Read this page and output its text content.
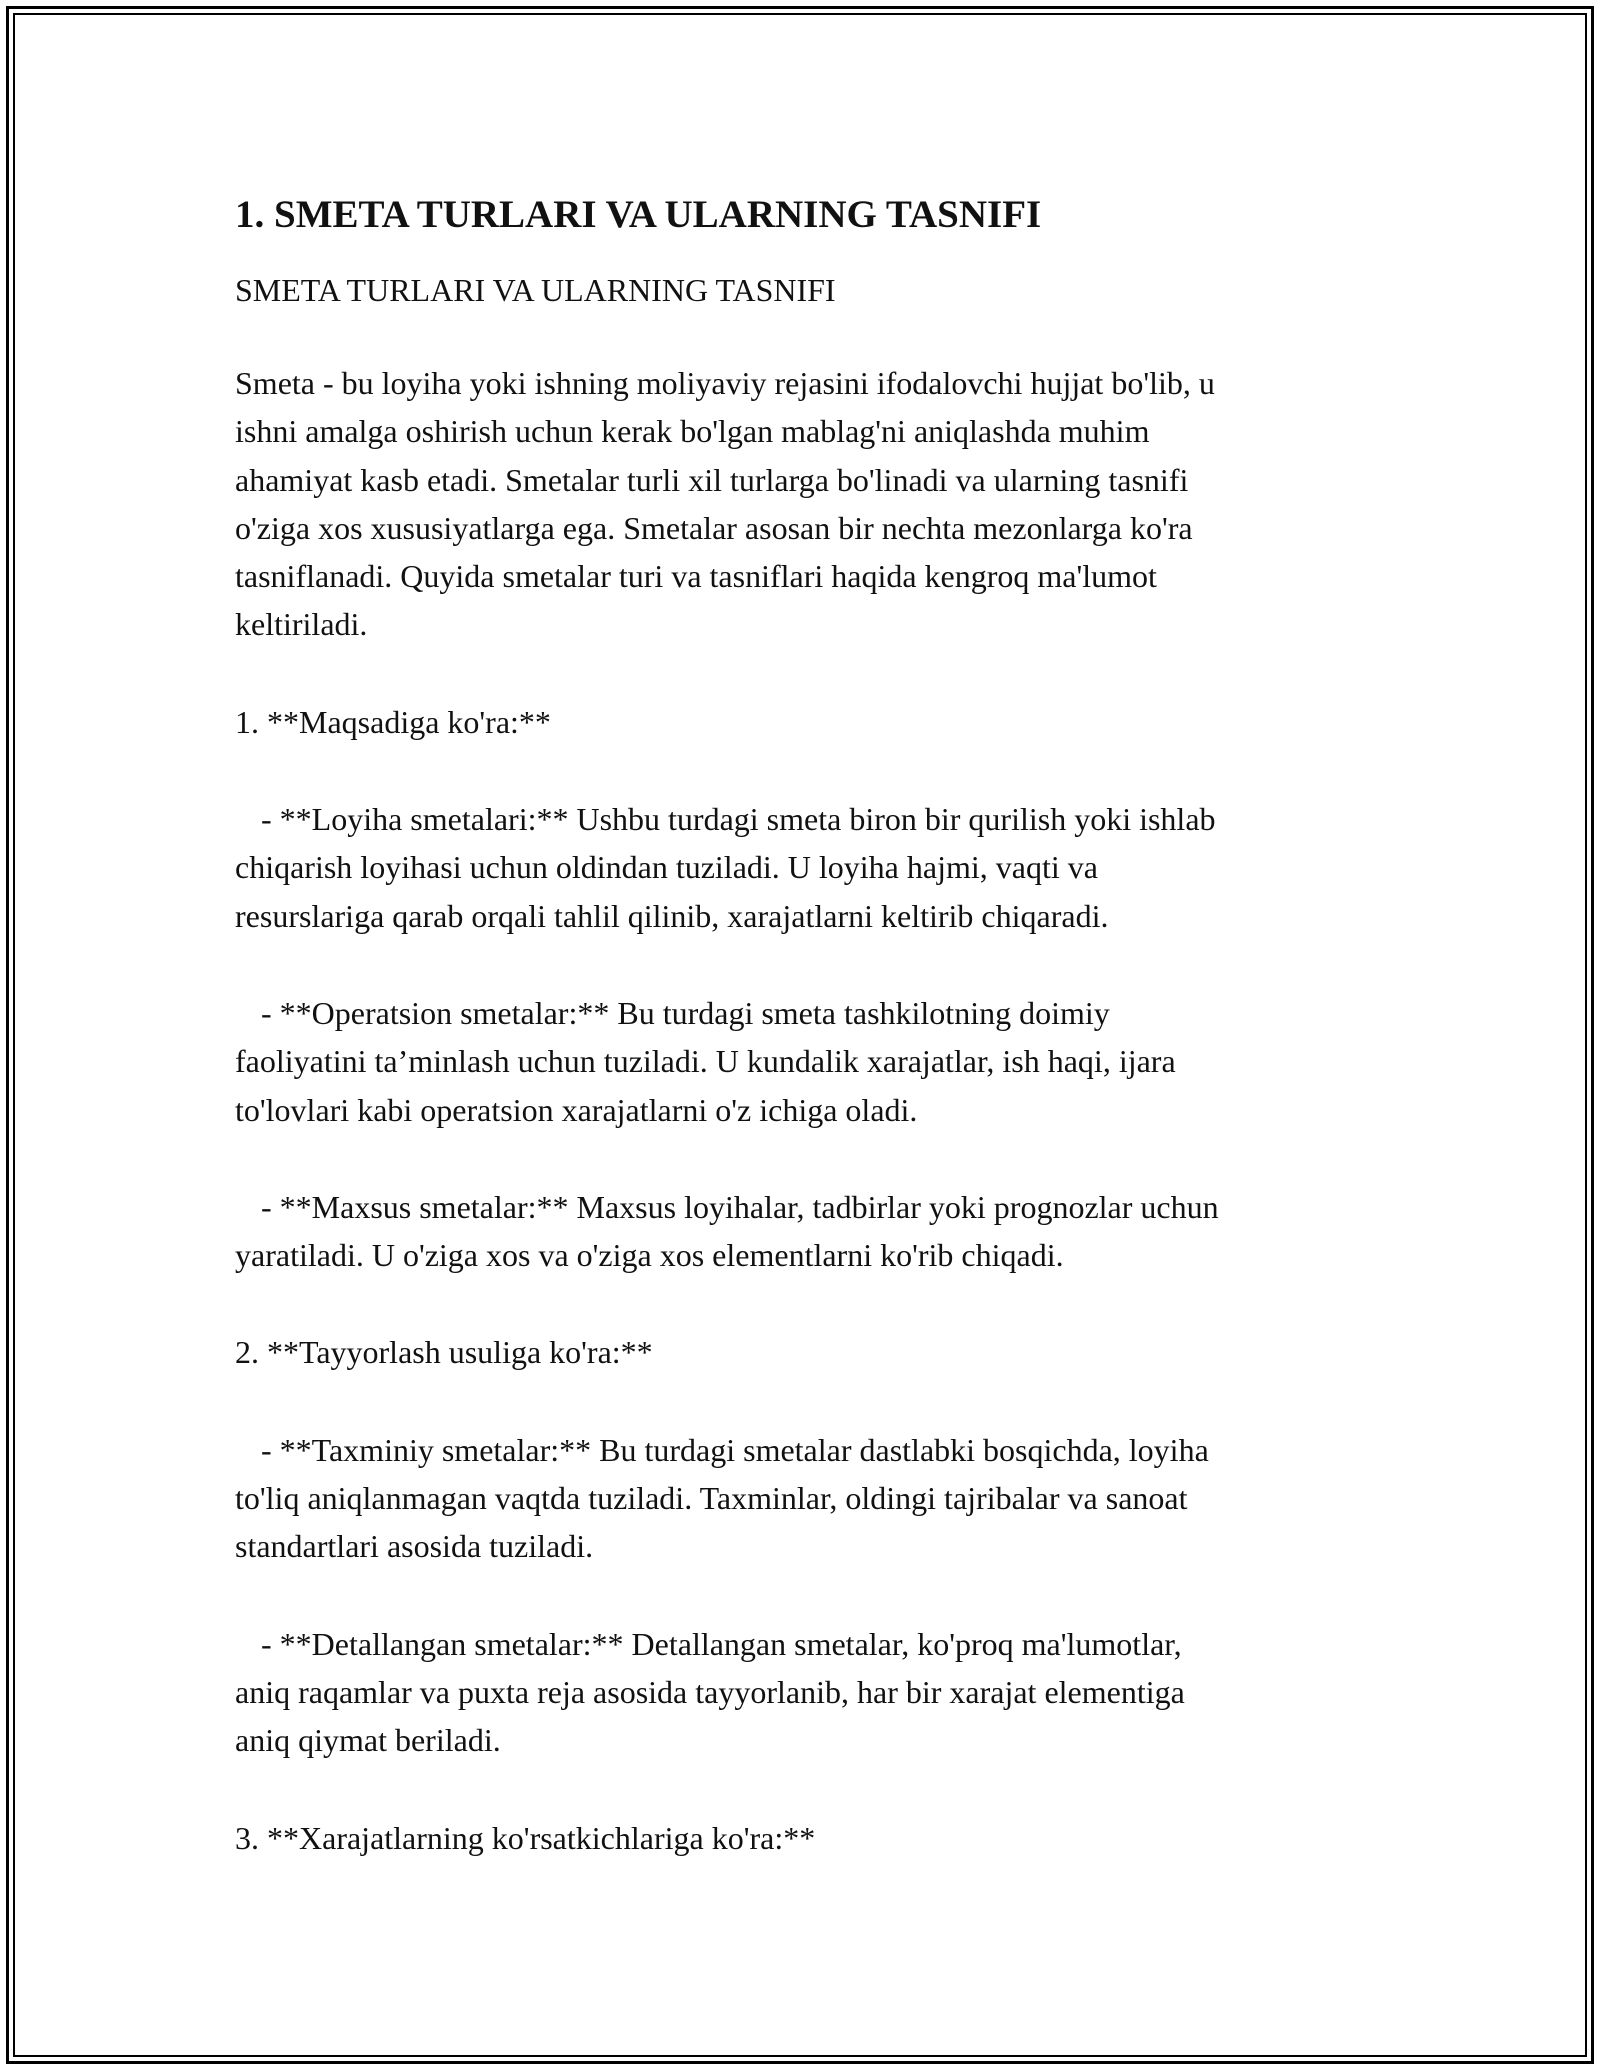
1. SMETA TURLARI VA ULARNING TASNIFI
SMETA TURLARI VA ULARNING TASNIFI
Smeta - bu loyiha yoki ishning moliyaviy rejasini ifodalovchi hujjat bo'lib, u
ishni amalga oshirish uchun kerak bo'lgan mablag'ni aniqlashda muhim
ahamiyat kasb etadi. Smetalar turli xil turlarga bo'linadi va ularning tasnifi
o'ziga xos xususiyatlarga ega. Smetalar asosan bir nechta mezonlarga ko'ra
tasniflanadi. Quyida smetalar turi va tasniflari haqida kengroq ma'lumot
keltiriladi.
1. **Maqsadiga ko'ra:**
- **Loyiha smetalari:** Ushbu turdagi smeta biron bir qurilish yoki ishlab
chiqarish loyihasi uchun oldindan tuziladi. U loyiha hajmi, vaqti va
resurslariga qarab orqali tahlil qilinib, xarajatlarni keltirib chiqaradi.
- **Operatsion smetalar:** Bu turdagi smeta tashkilotning doimiy
faoliyatini ta’minlash uchun tuziladi. U kundalik xarajatlar, ish haqi, ijara
to'lovlari kabi operatsion xarajatlarni o'z ichiga oladi.
- **Maxsus smetalar:** Maxsus loyihalar, tadbirlar yoki prognozlar uchun
yaratiladi. U o'ziga xos va o'ziga xos elementlarni ko'rib chiqadi.
2. **Tayyorlash usuliga ko'ra:**
- **Taxminiy smetalar:** Bu turdagi smetalar dastlabki bosqichda, loyiha
to'liq aniqlanmagan vaqtda tuziladi. Taxminlar, oldingi tajribalar va sanoat
standartlari asosida tuziladi.
- **Detallangan smetalar:** Detallangan smetalar, ko'proq ma'lumotlar,
aniq raqamlar va puxta reja asosida tayyorlanib, har bir xarajat elementiga
aniq qiymat beriladi.
3. **Xarajatlarning ko'rsatkichlariga ko'ra:**
